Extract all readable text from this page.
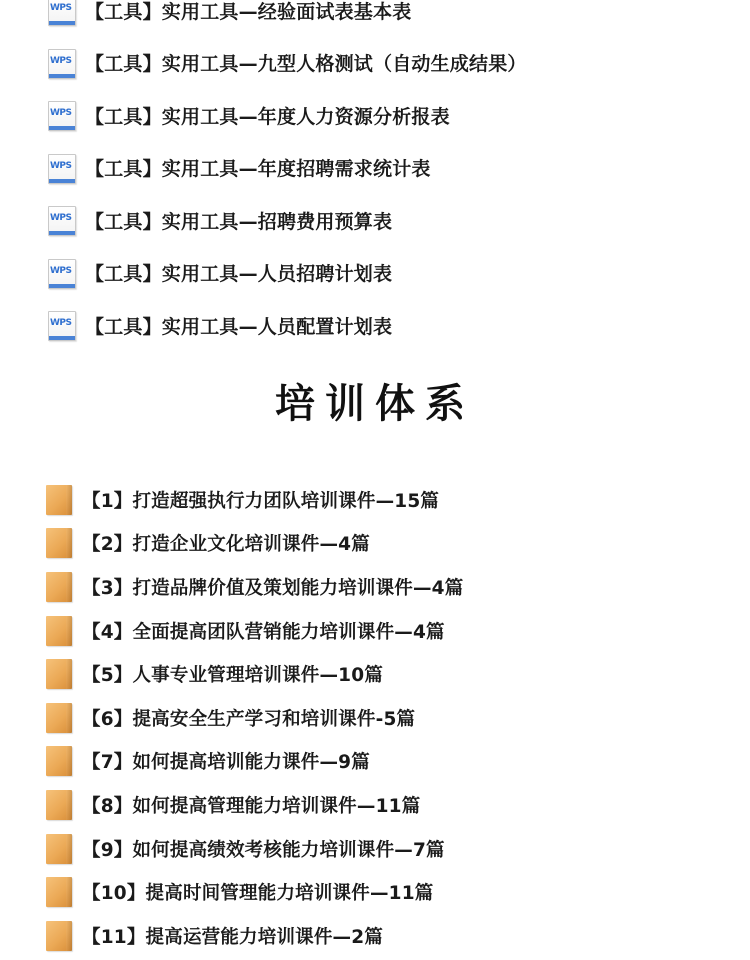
WPS 【工具】实用工具—经验面试表基本表
WPS 【工具】实用工具—九型人格测试（自动生成结果）
WPS 【工具】实用工具—年度人力资源分析报表
WPS 【工具】实用工具—年度招聘需求统计表
WPS 【工具】实用工具—招聘费用预算表
WPS 【工具】实用工具—人员招聘计划表
WPS 【工具】实用工具—人员配置计划表
培训体系
【1】打造超强执行力团队培训课件—15篇
【2】打造企业文化培训课件—4篇
【3】打造品牌价值及策划能力培训课件—4篇
【4】全面提高团队营销能力培训课件—4篇
【5】人事专业管理培训课件—10篇
【6】提高安全生产学习和培训课件-5篇
【7】如何提高培训能力课件—9篇
【8】如何提高管理能力培训课件—11篇
【9】如何提高绩效考核能力培训课件—7篇
【10】提高时间管理能力培训课件—11篇
【11】提高运营能力培训课件—2篇
